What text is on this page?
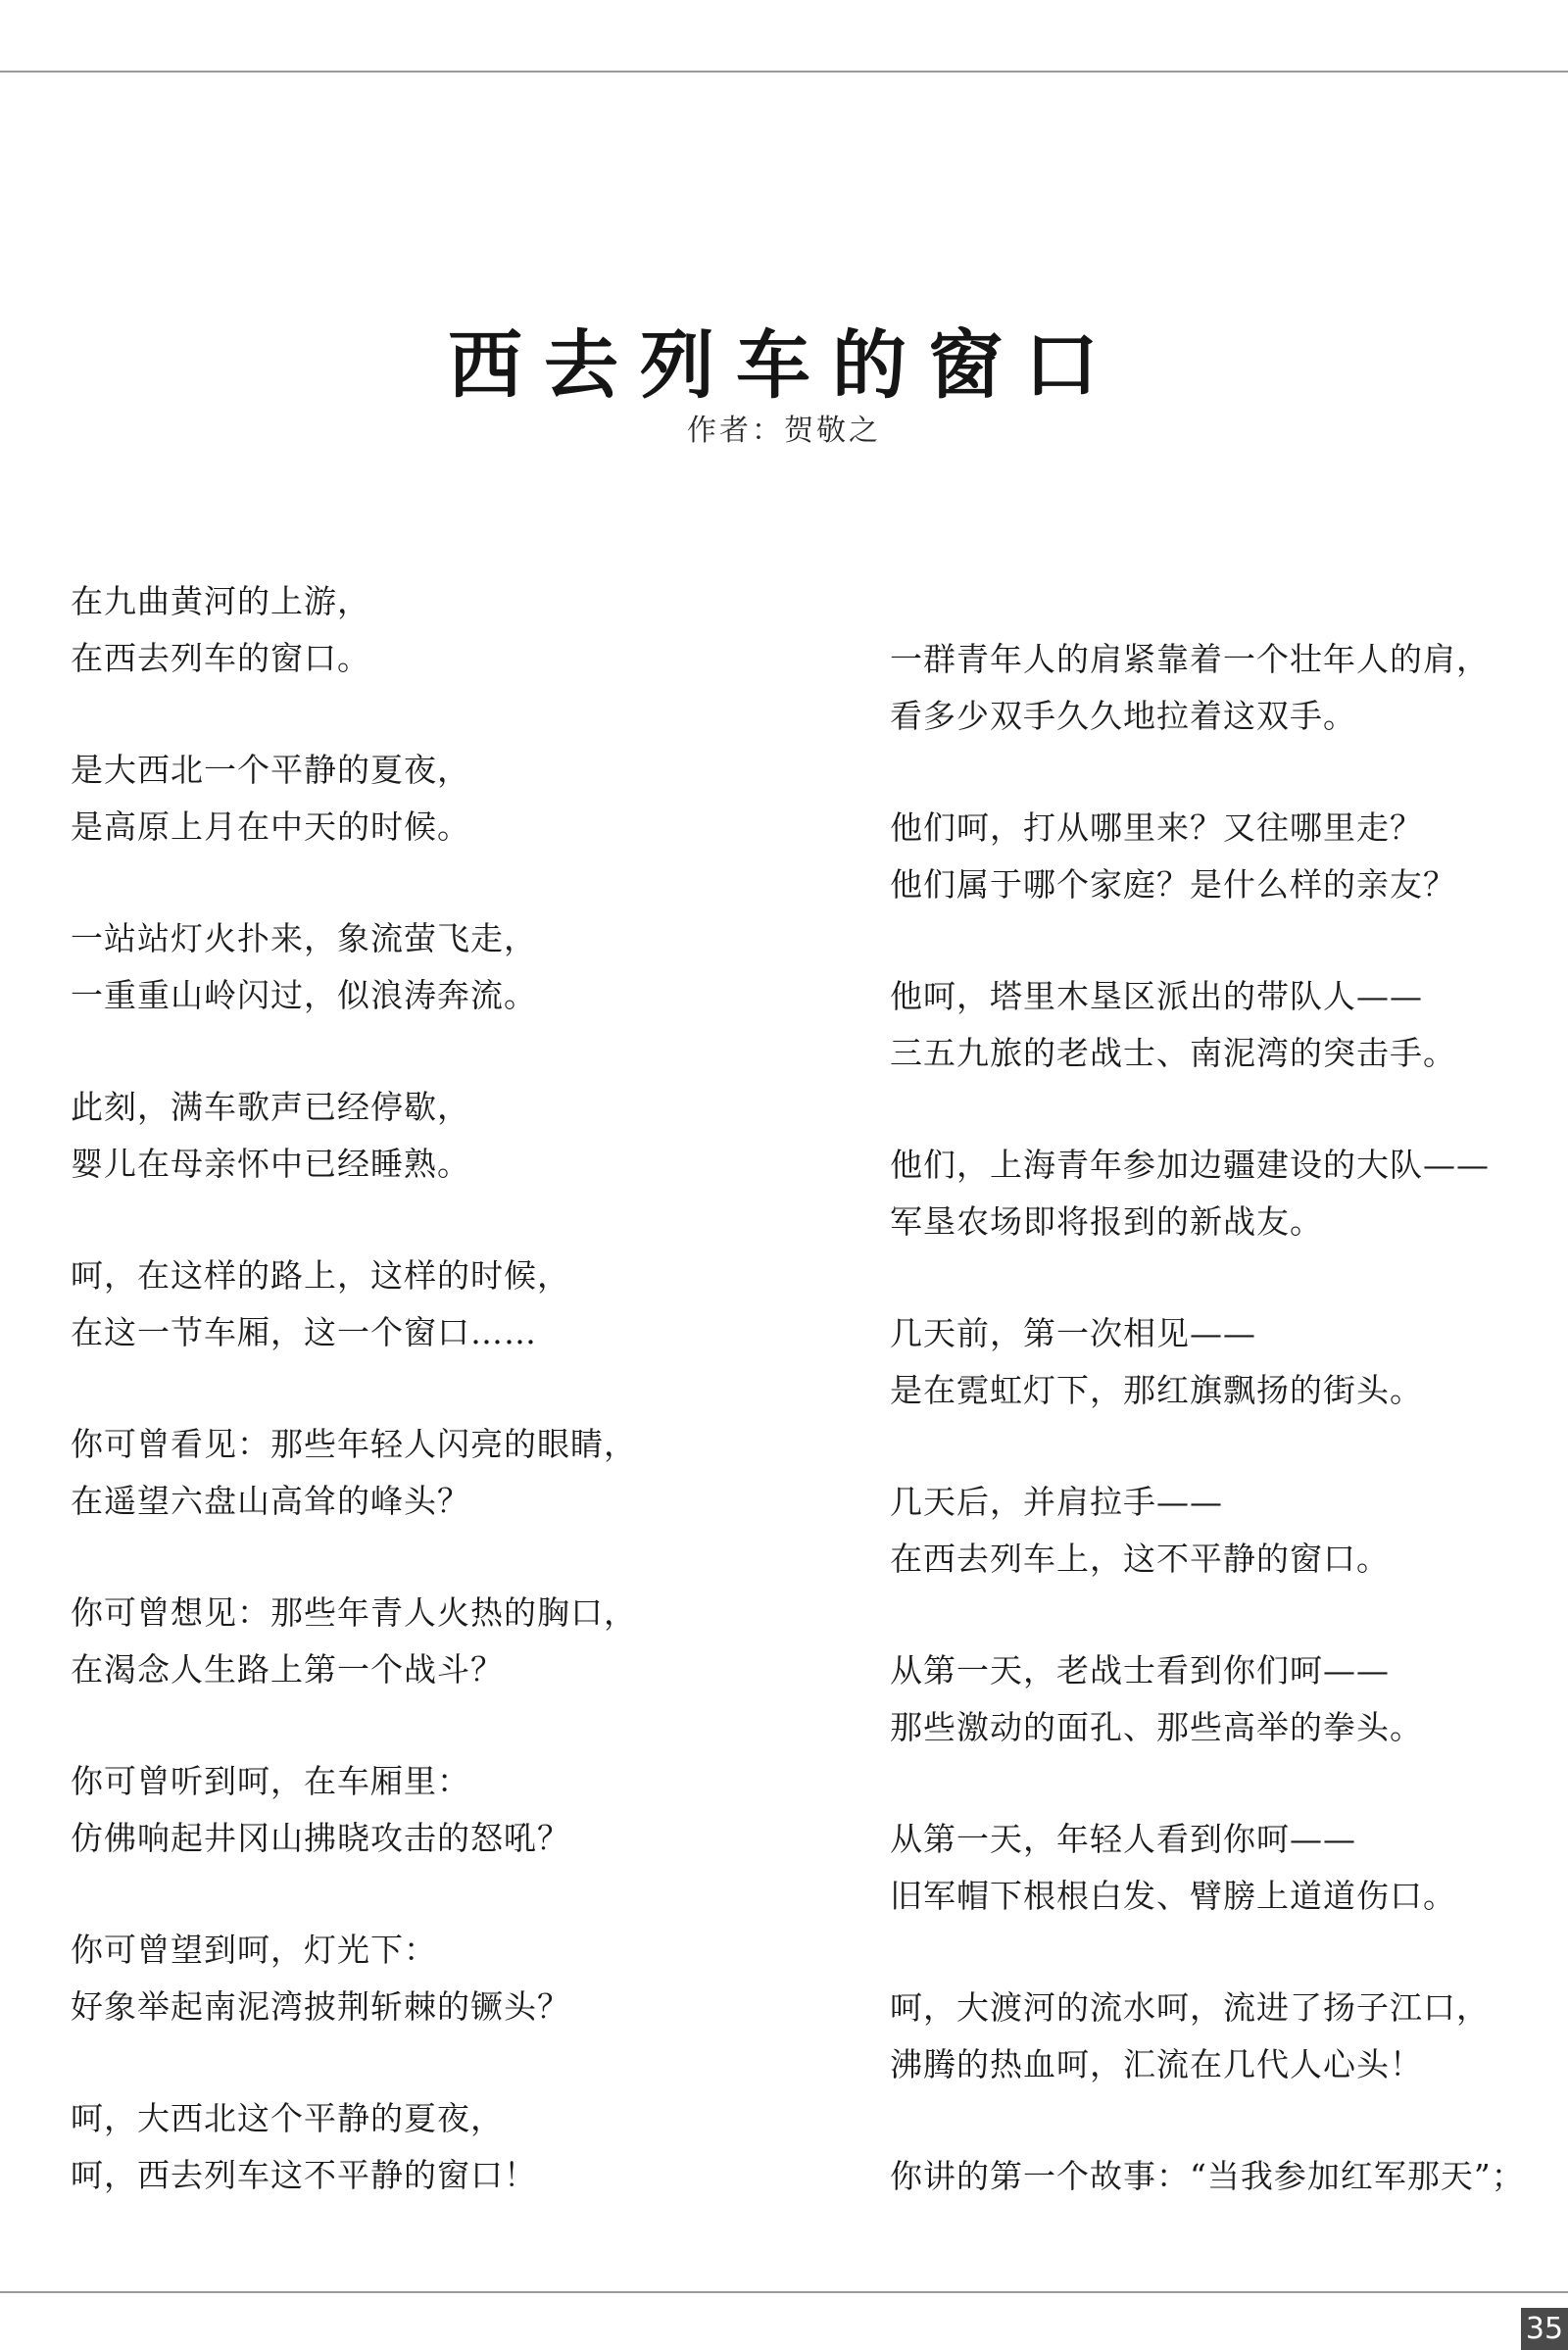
西去列车的窗口
作者：贺敬之
在九曲黄河的上游，
在西去列车的窗口。
是大西北一个平静的夏夜，
是高原上月在中天的时候。
一站站灯火扑来，象流萤飞走，
一重重山岭闪过，似浪涛奔流。
此刻，满车歌声已经停歇，
婴儿在母亲怀中已经睡熟。
呵，在这样的路上，这样的时候，
在这一节车厢，这一个窗口……
你可曾看见：那些年轻人闪亮的眼睛，
在遥望六盘山高耸的峰头？
你可曾想见：那些年青人火热的胸口，
在渴念人生路上第一个战斗？
你可曾听到呵，在车厢里：
仿佛响起井冈山拂晓攻击的怒吼？
你可曾望到呵，灯光下：
好象举起南泥湾披荆斩棘的镢头？
呵，大西北这个平静的夏夜，
呵，西去列车这不平静的窗口！
一群青年人的肩紧靠着一个壮年人的肩，
看多少双手久久地拉着这双手。
他们呵，打从哪里来？又往哪里走？
他们属于哪个家庭？是什么样的亲友？
他呵，塔里木垦区派出的带队人——
三五九旅的老战士、南泥湾的突击手。
他们，上海青年参加边疆建设的大队——
军垦农场即将报到的新战友。
几天前，第一次相见——
是在霓虹灯下，那红旗飘扬的街头。
几天后，并肩拉手——
在西去列车上，这不平静的窗口。
从第一天，老战士看到你们呵——
那些激动的面孔、那些高举的拳头。
从第一天，年轻人看到你呵——
旧军帽下根根白发、臂膀上道道伤口。
呵，大渡河的流水呵，流进了扬子江口，
沸腾的热血呵，汇流在几代人心头！
你讲的第一个故事：“当我参加红军那天”；
35
